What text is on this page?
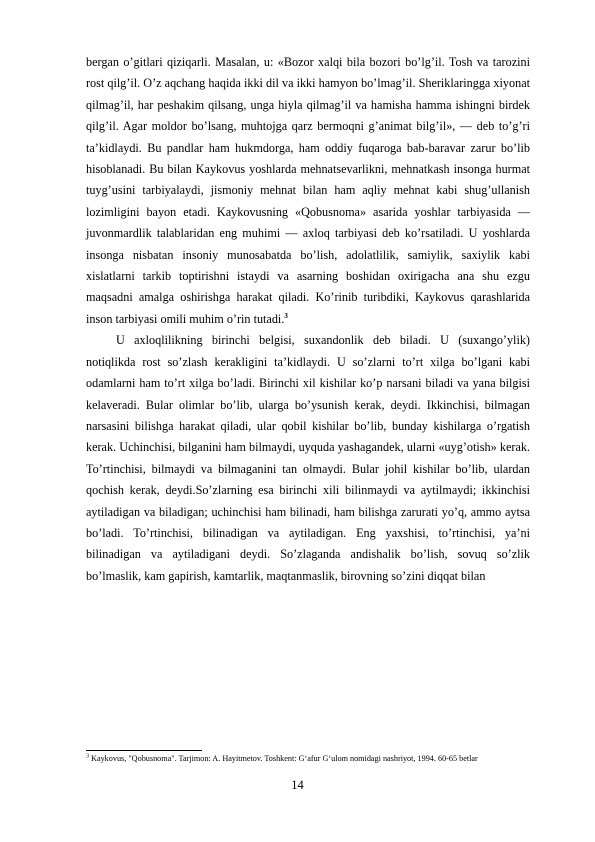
bergan o’gitlari qiziqarli. Masalan, u: «Bozor xalqi bila bozori bo’lg’il. Tosh va tarozini rost qilg’il. O’z aqchang haqida ikki dil va ikki hamyon bo’lmag’il. Sheriklaringga xiyonat qilmag’il, har peshakim qilsang, unga hiyla qilmag’il va hamisha hamma ishingni birdek qilg’il. Agar moldor bo’lsang, muhtojga qarz bermoqni g’animat bilg’il», — deb to’g’ri ta’kidlaydi. Bu pandlar ham hukmdorga, ham oddiy fuqaroga bab-baravar zarur bo’lib hisoblanadi. Bu bilan Kaykovus yoshlarda mehnatsevarlikni, mehnatkash insonga hurmat tuyg’usini tarbiyalaydi, jismoniy mehnat bilan ham aqliy mehnat kabi shug’ullanish lozimligini bayon etadi. Kaykovusning «Qobusnoma» asarida yoshlar tarbiyasida — juvonmardlik talablaridan eng muhimi — axloq tarbiyasi deb ko’rsatiladi. U yoshlarda insonga nisbatan insoniy munosabatda bo’lish, adolatlilik, samiylik, saxiylik kabi xislatlarni tarkib toptirishni istaydi va asarning boshidan oxirigacha ana shu ezgu maqsadni amalga oshirishga harakat qiladi. Ko’rinib turibdiki, Kaykovus qarashlarida inson tarbiyasi omili muhim o’rin tutadi.$^3$

U axloqlilikning birinchi belgisi, suxandonlik deb biladi. U (suxango’ylik) notiqlikda rost so’zlash kerakligini ta’kidlaydi. U so’zlarni to’rt xilga bo’lgani kabi odamlarni ham to’rt xilga bo’ladi. Birinchi xil kishilar ko’p narsani biladi va yana bilgisi kelaveradi. Bular olimlar bo’lib, ularga bo’ysunish kerak, deydi. Ikkinchisi, bilmagan narsasini bilishga harakat qiladi, ular qobil kishilar bo’lib, bunday kishilarga o’rgatish kerak. Uchinchisi, bilganini ham bilmaydi, uyquda yashagandek, ularni «uyg’otish» kerak. To’rtinchisi, bilmaydi va bilmaganini tan olmaydi. Bular johil kishilar bo’lib, ulardan qochish kerak, deydi.So’zlarning esa birinchi xili bilinmaydi va aytilmaydi; ikkinchisi aytiladigan va biladigan; uchinchisi ham bilinadi, ham bilishga zarurati yo’q, ammo aytsa bo’ladi. To’rtinchisi, bilinadigan va aytiladigan. Eng yaxshisi, to’rtinchisi, ya’ni bilinadigan va aytiladigani deydi. So’zlaganda andishalik bo’lish, sovuq so’zlik bo’lmaslik, kam gapirish, kamtarlik, maqtanmaslik, birovning so’zini diqqat bilan

$^3$ Kaykovus, "Qobusnoma". Tarjimon: A. Hayitmetov. Toshkent: G‘afur G‘ulom nomidagi nashriyot, 1994. 60-65 betlar

14
